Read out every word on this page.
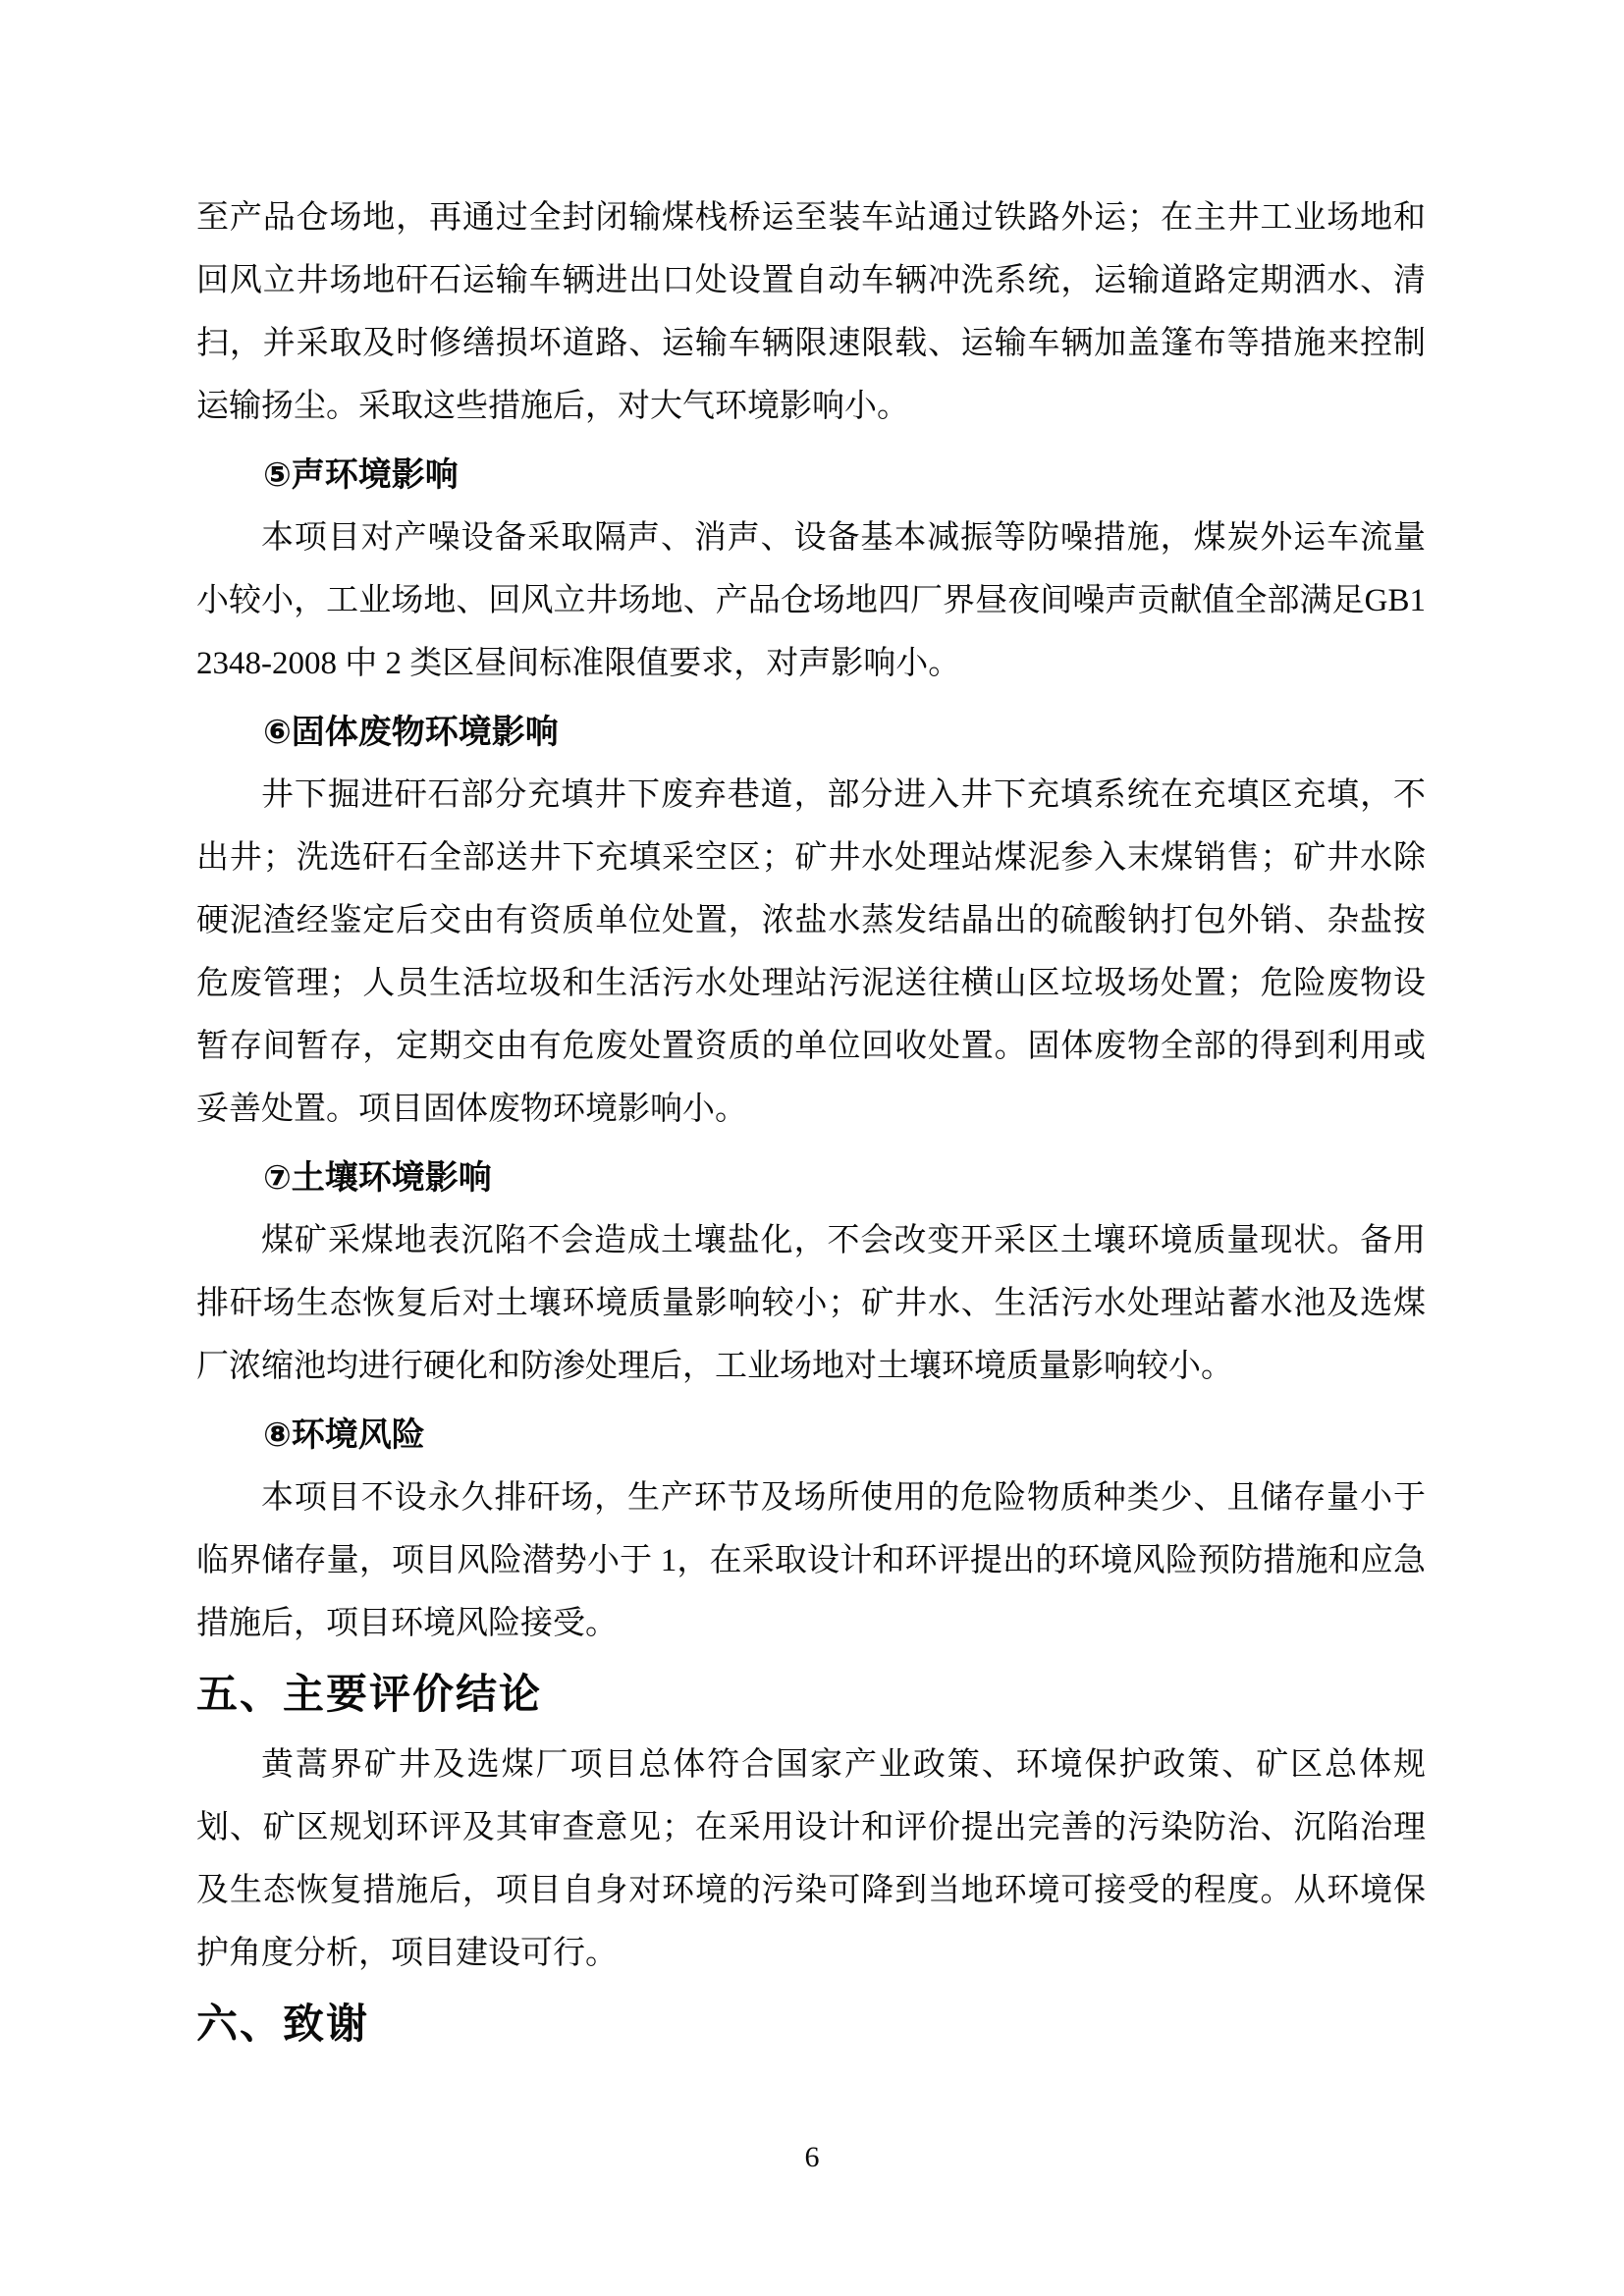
至产品仓场地，再通过全封闭输煤栈桥运至装车站通过铁路外运；在主井工业场地和回风立井场地矸石运输车辆进出口处设置自动车辆冲洗系统，运输道路定期洒水、清扫，并采取及时修缮损坏道路、运输车辆限速限载、运输车辆加盖篷布等措施来控制运输扬尘。采取这些措施后，对大气环境影响小。

⑤声环境影响

本项目对产噪设备采取隔声、消声、设备基本减振等防噪措施，煤炭外运车流量小较小，工业场地、回风立井场地、产品仓场地四厂界昼夜间噪声贡献值全部满足GB12348-2008 中 2 类区昼间标准限值要求，对声影响小。

⑥固体废物环境影响

井下掘进矸石部分充填井下废弃巷道，部分进入井下充填系统在充填区充填，不出井；洗选矸石全部送井下充填采空区；矿井水处理站煤泥参入末煤销售；矿井水除硬泥渣经鉴定后交由有资质单位处置，浓盐水蒸发结晶出的硫酸钠打包外销、杂盐按危废管理；人员生活垃圾和生活污水处理站污泥送往横山区垃圾场处置；危险废物设暂存间暂存，定期交由有危废处置资质的单位回收处置。固体废物全部的得到利用或妥善处置。项目固体废物环境影响小。

⑦土壤环境影响

煤矿采煤地表沉陷不会造成土壤盐化，不会改变开采区土壤环境质量现状。备用排矸场生态恢复后对土壤环境质量影响较小；矿井水、生活污水处理站蓄水池及选煤厂浓缩池均进行硬化和防渗处理后，工业场地对土壤环境质量影响较小。

⑧环境风险

本项目不设永久排矸场，生产环节及场所使用的危险物质种类少、且储存量小于临界储存量，项目风险潜势小于 1，在采取设计和环评提出的环境风险预防措施和应急措施后，项目环境风险接受。

五、主要评价结论

黄蒿界矿井及选煤厂项目总体符合国家产业政策、环境保护政策、矿区总体规划、矿区规划环评及其审查意见；在采用设计和评价提出完善的污染防治、沉陷治理及生态恢复措施后，项目自身对环境的污染可降到当地环境可接受的程度。从环境保护角度分析，项目建设可行。

六、致谢
6
